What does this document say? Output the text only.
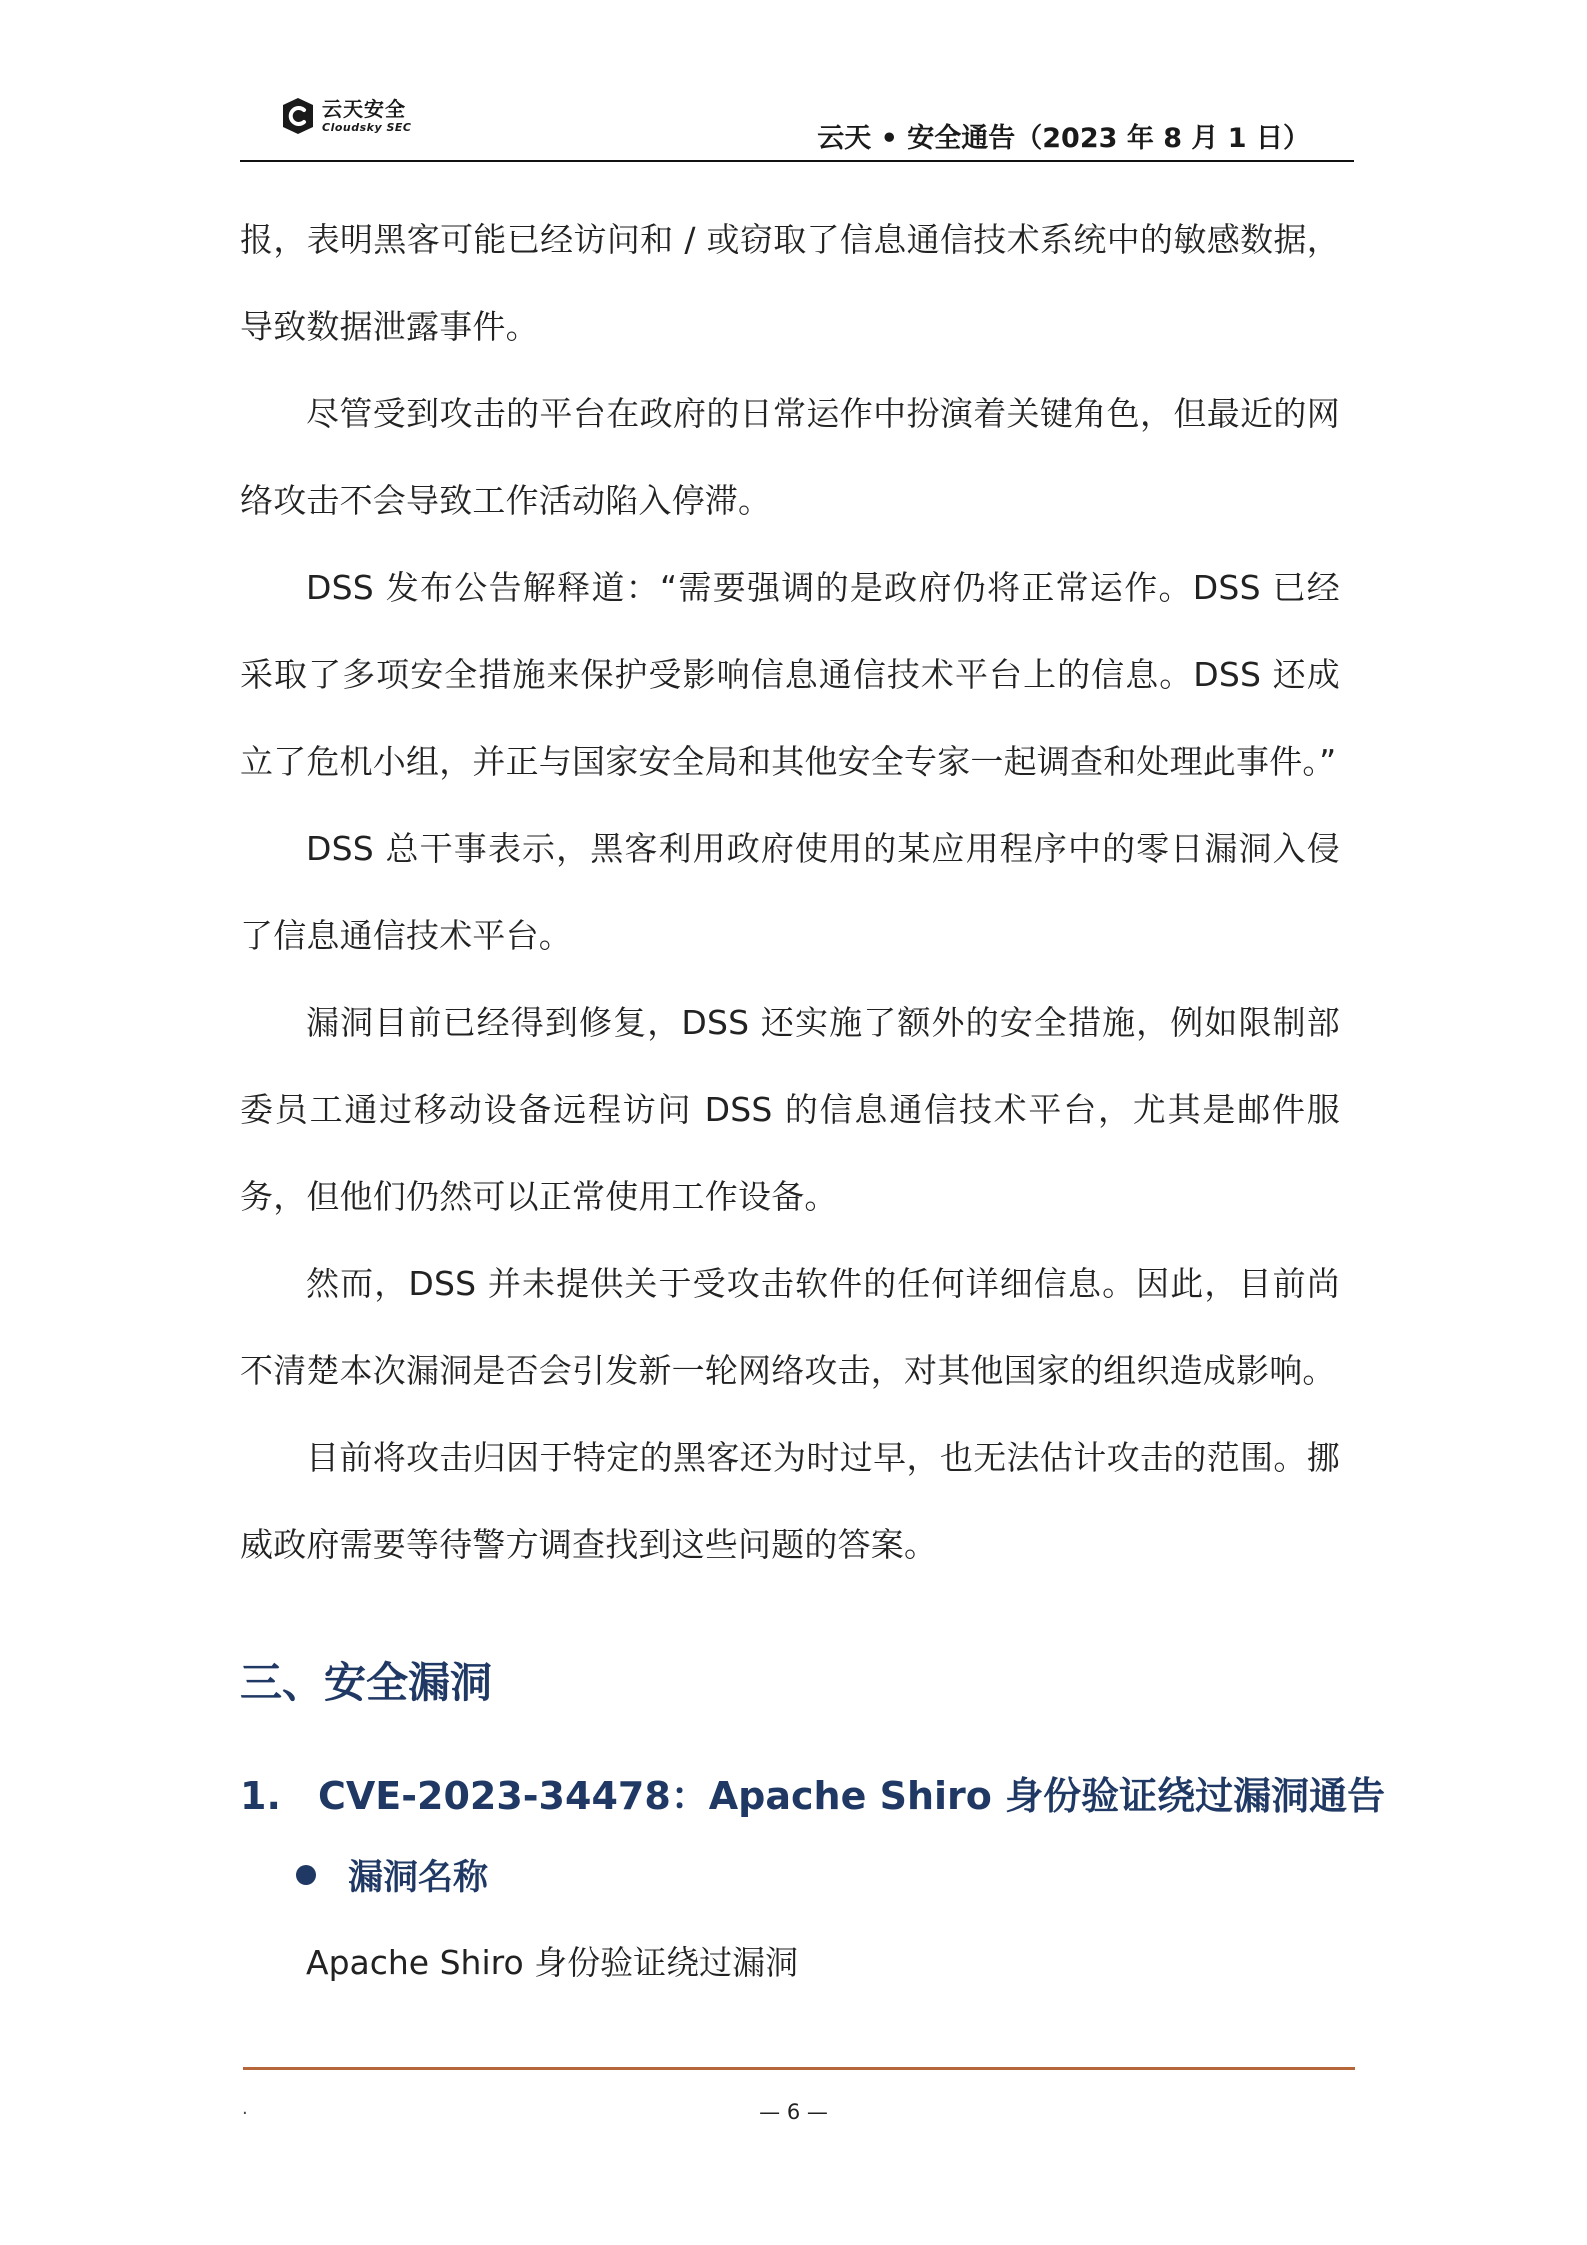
云天安全
Cloudsky SEC	云天 • 安全通告（2023 年 8 月 1 日）

报，表明黑客可能已经访问和 / 或窃取了信息通信技术系统中的敏感数据，导致数据泄露事件。

尽管受到攻击的平台在政府的日常运作中扮演着关键角色，但最近的网络攻击不会导致工作活动陷入停滞。

DSS 发布公告解释道：“需要强调的是政府仍将正常运作。DSS 已经采取了多项安全措施来保护受影响信息通信技术平台上的信息。DSS 还成立了危机小组，并正与国家安全局和其他安全专家一起调查和处理此事件。”

DSS 总干事表示，黑客利用政府使用的某应用程序中的零日漏洞入侵了信息通信技术平台。

漏洞目前已经得到修复，DSS 还实施了额外的安全措施，例如限制部委员工通过移动设备远程访问 DSS 的信息通信技术平台，尤其是邮件服务，但他们仍然可以正常使用工作设备。

然而，DSS 并未提供关于受攻击软件的任何详细信息。因此，目前尚不清楚本次漏洞是否会引发新一轮网络攻击，对其他国家的组织造成影响。

目前将攻击归因于特定的黑客还为时过早，也无法估计攻击的范围。挪威政府需要等待警方调查找到这些问题的答案。

三、安全漏洞
1. CVE-2023-34478：Apache Shiro 身份验证绕过漏洞通告
漏洞名称
Apache Shiro 身份验证绕过漏洞
.	— 6 —
